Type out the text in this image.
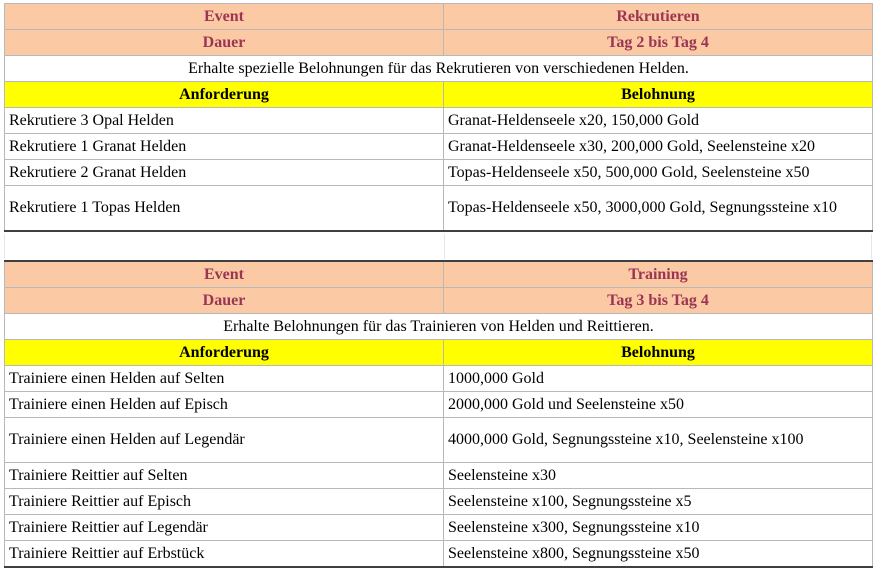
Event	Rekrutieren
Dauer	Tag 2 bis Tag 4
Erhalte spezielle Belohnungen für das Rekrutieren von verschiedenen Helden.	
Anforderung	Belohnung
Rekrutiere 3 Opal Helden	Granat-Heldenseele x20, 150,000 Gold
Rekrutiere 1 Granat Helden	Granat-Heldenseele x30, 200,000 Gold, Seelensteine x20
Rekrutiere 2 Granat Helden	Topas-Heldenseele x50, 500,000 Gold, Seelensteine x50
Rekrutiere 1 Topas Helden	Topas-Heldenseele x50, 3000,000 Gold, Segnungssteine x10
Event	Training
Dauer	Tag 3 bis Tag 4
Erhalte Belohnungen für das Trainieren von Helden und Reittieren.	
Anforderung	Belohnung
Trainiere einen Helden auf Selten	1000,000 Gold
Trainiere einen Helden auf Episch	2000,000 Gold und Seelensteine x50
Trainiere einen Helden auf Legendär	4000,000 Gold, Segnungssteine x10, Seelensteine x100
Trainiere Reittier auf Selten	Seelensteine x30
Trainiere Reittier auf Episch	Seelensteine x100, Segnungssteine x5
Trainiere Reittier auf Legendär	Seelensteine x300, Segnungssteine x10
Trainiere Reittier auf Erbstück	Seelensteine x800, Segnungssteine x50
